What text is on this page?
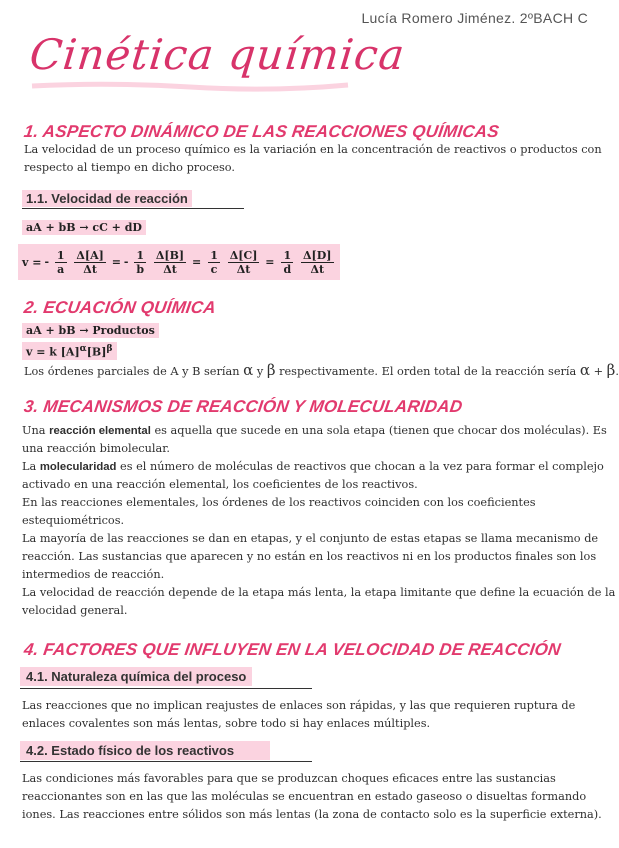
Lucía Romero Jiménez. 2ºBACH C
Cinética química
1. ASPECTO DINÁMICO DE LAS REACCIONES QUÍMICAS
La velocidad de un proceso químico es la variación en la concentración de reactivos o productos con
respecto al tiempo en dicho proceso.
1.1. Velocidad de reacción
aA + bB → cC + dD
v = - $\frac{1}{a}$
$\frac{\Delta[A]}{\Delta t}$ = - $\frac{1}{b}$
$\frac{\Delta[B]}{\Delta t} = \frac{1}{c}$
$\frac{\Delta[C]}{\Delta t} = \frac{1}{d}$
$\frac{\Delta[D]}{\Delta t}$
2. ECUACIÓN QUÍMICA
aA + bB → Productos
v = k $[A]^\alpha[B]^\beta$
Los órdenes parciales de A y B serían α y β respectivamente. El orden total de la reacción sería α + β.
3. MECANISMOS DE REACCIÓN Y MOLECULARIDAD
Una reacción elemental es aquella que sucede en una sola etapa (tienen que chocar dos moléculas). Es
una reacción bimolecular.
La molecularidad es el número de moléculas de reactivos que chocan a la vez para formar el complejo
activado en una reacción elemental, los coeficientes de los reactivos.
En las reacciones elementales, los órdenes de los reactivos coinciden con los coeficientes
estequiométricos.
La mayoría de las reacciones se dan en etapas, y el conjunto de estas etapas se llama mecanismo de
reacción. Las sustancias que aparecen y no están en los reactivos ni en los productos finales son los
intermedios de reacción.
La velocidad de reacción depende de la etapa más lenta, la etapa limitante que define la ecuación de la
velocidad general.
4. FACTORES QUE INFLUYEN EN LA VELOCIDAD DE REACCIÓN
4.1. Naturaleza química del proceso
Las reacciones que no implican reajustes de enlaces son rápidas, y las que requieren ruptura de
enlaces covalentes son más lentas, sobre todo si hay enlaces múltiples.
4.2. Estado físico de los reactivos
Las condiciones más favorables para que se produzcan choques eficaces entre las sustancias
reaccionantes son en las que las moléculas se encuentran en estado gaseoso o disueltas formando
iones. Las reacciones entre sólidos son más lentas (la zona de contacto solo es la superficie externa).
